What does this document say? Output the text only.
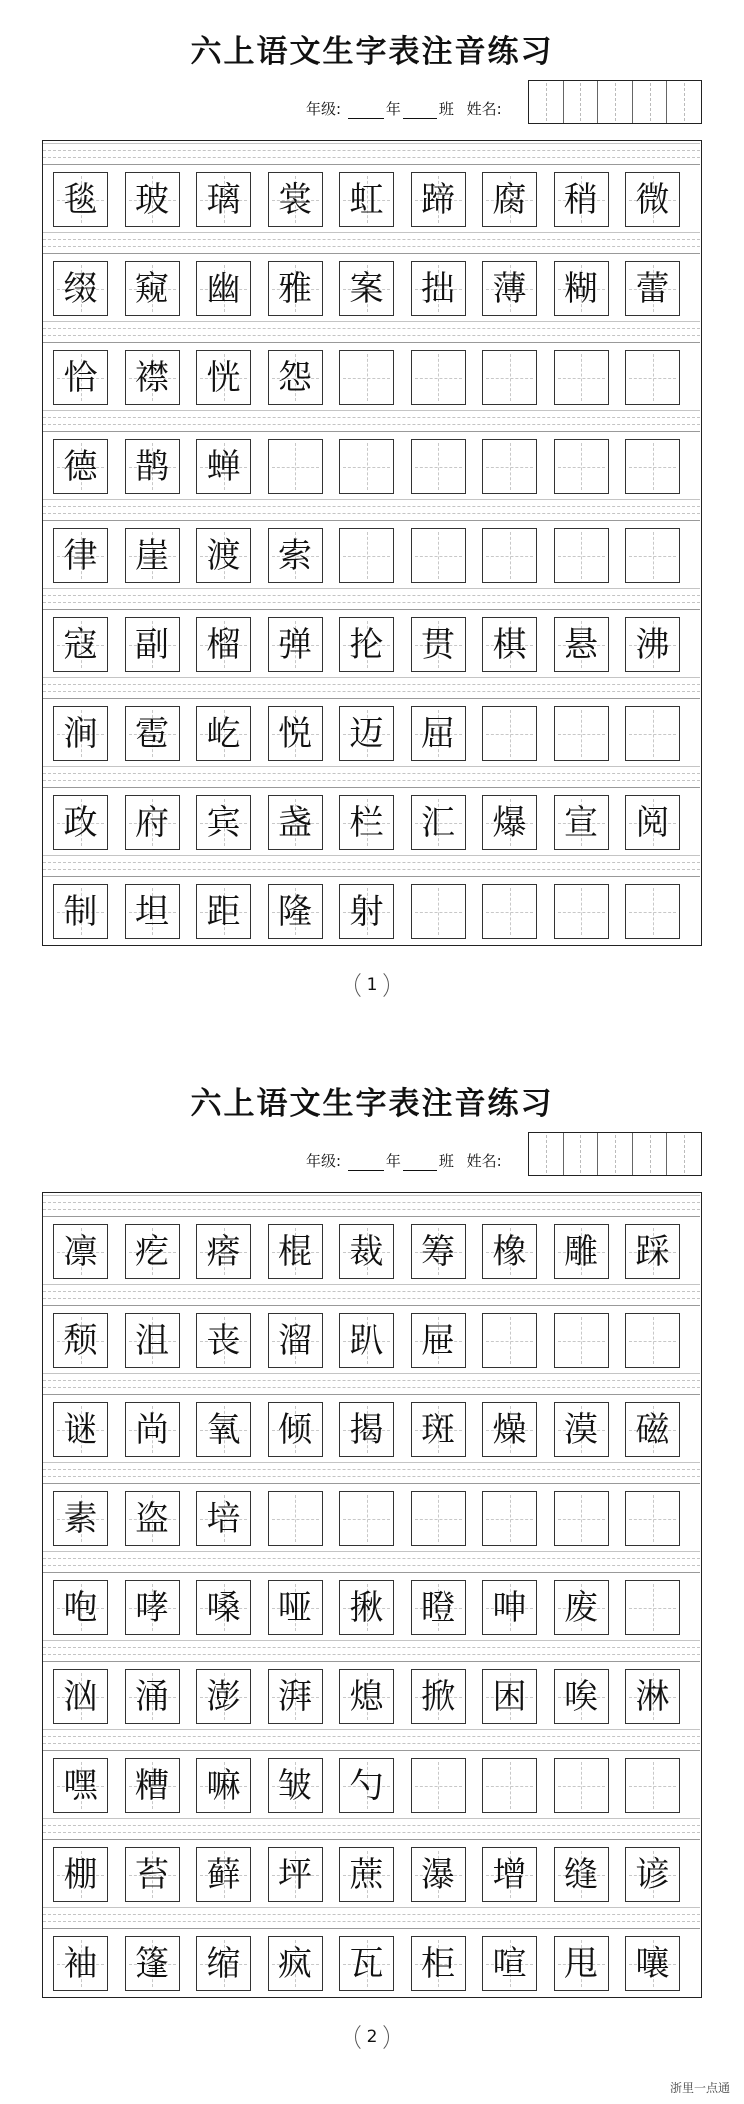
六上语文生字表注音练习
年级:	年	班 姓名:
毯 玻 璃 裳 虹 蹄 腐 稍 微
缀 窥 幽 雅 案 拙 薄 糊 蕾
恰 襟 恍 怨
德 鹊 蝉
律 崖 渡 索
寇 副 榴 弹 抡 贯 棋 悬 沸
涧 雹 屹 悦 迈 屈
政 府 宾 盏 栏 汇 爆 宣 阅
制 坦 距 隆 射
1
六上语文生字表注音练习
年级:	年	班 姓名:
凛 疙 瘩 棍 裁 筹 橡 雕 踩
颓 沮 丧 溜 趴 屉
谜 尚 氧 倾 揭 斑 燥 漠 磁
素 盗 培
咆 哮 嗓 哑 揪 瞪 呻 废
汹 涌 澎 湃 熄 掀 困 唉 淋
嘿 糟 嘛 皱 勺
棚 苔 藓 坪 蔗 瀑 增 缝 谚
袖 篷 缩 疯 瓦 柜 喧 甩 嚷
2
浙里一点通
